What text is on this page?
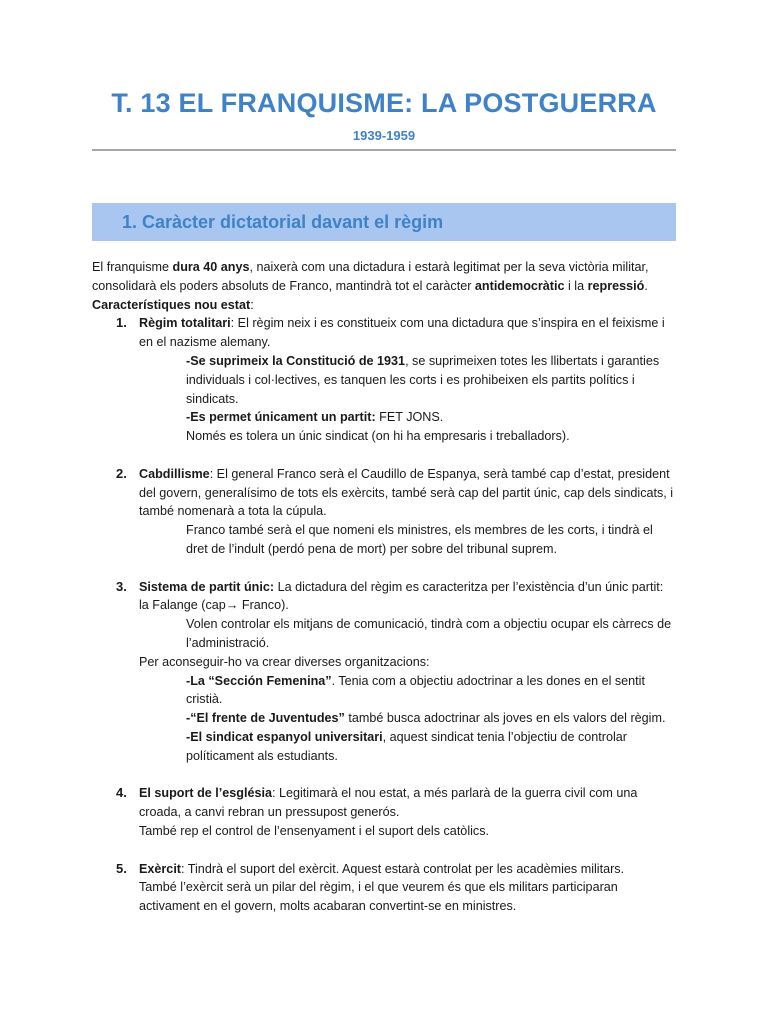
T. 13 EL FRANQUISME: LA POSTGUERRA
1939-1959
1. Caràcter dictatorial davant el règim

El franquisme dura 40 anys, naixerà com una dictadura i estarà legitimat per la seva victòria militar, consolidarà els poders absoluts de Franco, mantindrà tot el caràcter antidemocràtic i la repressió.

Característiques nou estat:

1. Règim totalitari: El règim neix i es constitueix com una dictadura que s’inspira en el feixisme i en el nazisme alemany.

-Se suprimeix la Constitució de 1931, se suprimeixen totes les llibertats i garanties individuals i col·lectives, es tanquen les corts i es prohibeixen els partits polítics i sindicats.

-Es permet únicament un partit: FET JONS.

Només es tolera un únic sindicat (on hi ha empresaris i treballadors).

2. Cabdillisme: El general Franco serà el Caudillo de Espanya, serà també cap d’estat, president del govern, generalísimo de tots els exèrcits, també serà cap del partit únic, cap dels sindicats, i també nomenarà a tota la cúpula.

Franco també serà el que nomeni els ministres, els membres de les corts, i tindrà el dret de l’indult (perdó pena de mort) per sobre del tribunal suprem.

3. Sistema de partit únic: La dictadura del règim es caracteritza per l’existència d’un únic partit: la Falange (cap→ Franco).

Volen controlar els mitjans de comunicació, tindrà com a objectiu ocupar els càrrecs de l’administració.

Per aconseguir-ho va crear diverses organitzacions:

-La “Sección Femenina”. Tenia com a objectiu adoctrinar a les dones en el sentit cristià.

-“El frente de Juventudes” també busca adoctrinar als joves en els valors del règim.

-El sindicat espanyol universitari, aquest sindicat tenia l’objectiu de controlar políticament als estudiants.

4. El suport de l’església: Legitimarà el nou estat, a més parlarà de la guerra civil com una croada, a canvi rebran un pressupost generós.

També rep el control de l’ensenyament i el suport dels catòlics.

5. Exèrcit: Tindrà el suport del exèrcit. Aquest estarà controlat per les acadèmies militars.

També l’exèrcit serà un pilar del règim, i el que veurem és que els militars participaran activament en el govern, molts acabaran convertint-se en ministres.
